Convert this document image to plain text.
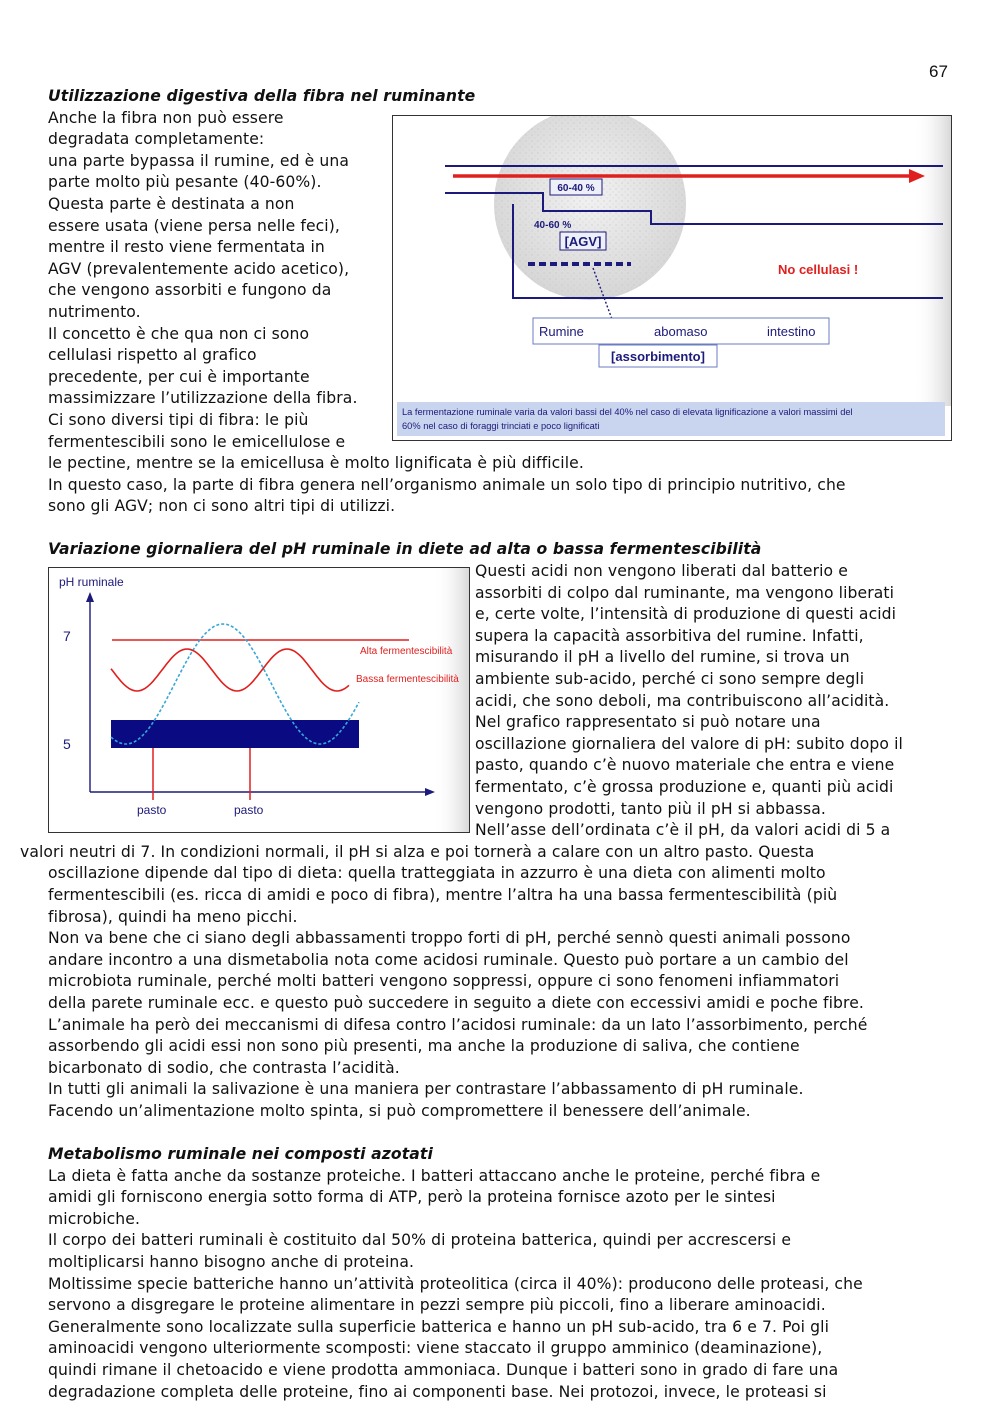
67
Utilizzazione digestiva della fibra nel ruminante
Anche la fibra non può essere
degradata completamente:
una parte bypassa il rumine, ed è una
parte molto più pesante (40-60%).
Questa parte è destinata a non
essere usata (viene persa nelle feci),
mentre il resto viene fermentata in
AGV (prevalentemente acido acetico),
che vengono assorbiti e fungono da
nutrimento.
Il concetto è che qua non ci sono
cellulasi rispetto al grafico
precedente, per cui è importante
massimizzare l’utilizzazione della fibra.
Ci sono diversi tipi di fibra: le più
fermentescibili sono le emicellulose e
le pectine, mentre se la emicellusa è molto lignificata è più difficile.
In questo caso, la parte di fibra genera nell’organismo animale un solo tipo di principio nutritivo, che
sono gli AGV; non ci sono altri tipi di utilizzi.
60-40 %
40-60 %
[AGV]
No cellulasi !
Rumine	abomaso	intestino
[assorbimento]
La fermentazione ruminale varia da valori bassi del 40% nel caso di elevata lignificazione a valori massimi del
60% nel caso di foraggi trinciati e poco lignificati
Variazione giornaliera del pH ruminale in diete ad alta o bassa fermentescibilità
pH ruminale
7
5
Alta fermentescibilità
Bassa fermentescibilità
pasto	pasto
Questi acidi non vengono liberati dal batterio e
assorbiti di colpo dal ruminante, ma vengono liberati
e, certe volte, l’intensità di produzione di questi acidi
supera la capacità assorbitiva del rumine. Infatti,
misurando il pH a livello del rumine, si trova un
ambiente sub-acido, perché ci sono sempre degli
acidi, che sono deboli, ma contribuiscono all’acidità.
Nel grafico rappresentato si può notare una
oscillazione giornaliera del valore di pH: subito dopo il
pasto, quando c’è nuovo materiale che entra e viene
fermentato, c’è grossa produzione e, quanti più acidi
vengono prodotti, tanto più il pH si abbassa.
Nell’asse dell’ordinata c’è il pH, da valori acidi di 5 a
valori neutri di 7. In condizioni normali, il pH si alza e poi tornerà a calare con un altro pasto. Questa
oscillazione dipende dal tipo di dieta: quella tratteggiata in azzurro è una dieta con alimenti molto
fermentescibili (es. ricca di amidi e poco di fibra), mentre l’altra ha una bassa fermentescibilità (più
fibrosa), quindi ha meno picchi.
Non va bene che ci siano degli abbassamenti troppo forti di pH, perché sennò questi animali possono
andare incontro a una dismetabolia nota come acidosi ruminale. Questo può portare a un cambio del
microbiota ruminale, perché molti batteri vengono soppressi, oppure ci sono fenomeni infiammatori
della parete ruminale ecc. e questo può succedere in seguito a diete con eccessivi amidi e poche fibre.
L’animale ha però dei meccanismi di difesa contro l’acidosi ruminale: da un lato l’assorbimento, perché
assorbendo gli acidi essi non sono più presenti, ma anche la produzione di saliva, che contiene
bicarbonato di sodio, che contrasta l’acidità.
In tutti gli animali la salivazione è una maniera per contrastare l’abbassamento di pH ruminale.
Facendo un’alimentazione molto spinta, si può compromettere il benessere dell’animale.
Metabolismo ruminale nei composti azotati
La dieta è fatta anche da sostanze proteiche. I batteri attaccano anche le proteine, perché fibra e
amidi gli forniscono energia sotto forma di ATP, però la proteina fornisce azoto per le sintesi
microbiche.
Il corpo dei batteri ruminali è costituito dal 50% di proteina batterica, quindi per accrescersi e
moltiplicarsi hanno bisogno anche di proteina.
Moltissime specie batteriche hanno un’attività proteolitica (circa il 40%): producono delle proteasi, che
servono a disgregare le proteine alimentare in pezzi sempre più piccoli, fino a liberare aminoacidi.
Generalmente sono localizzate sulla superficie batterica e hanno un pH sub-acido, tra 6 e 7. Poi gli
aminoacidi vengono ulteriormente scomposti: viene staccato il gruppo amminico (deaminazione),
quindi rimane il chetoacido e viene prodotta ammoniaca. Dunque i batteri sono in grado di fare una
degradazione completa delle proteine, fino ai componenti base. Nei protozoi, invece, le proteasi si
